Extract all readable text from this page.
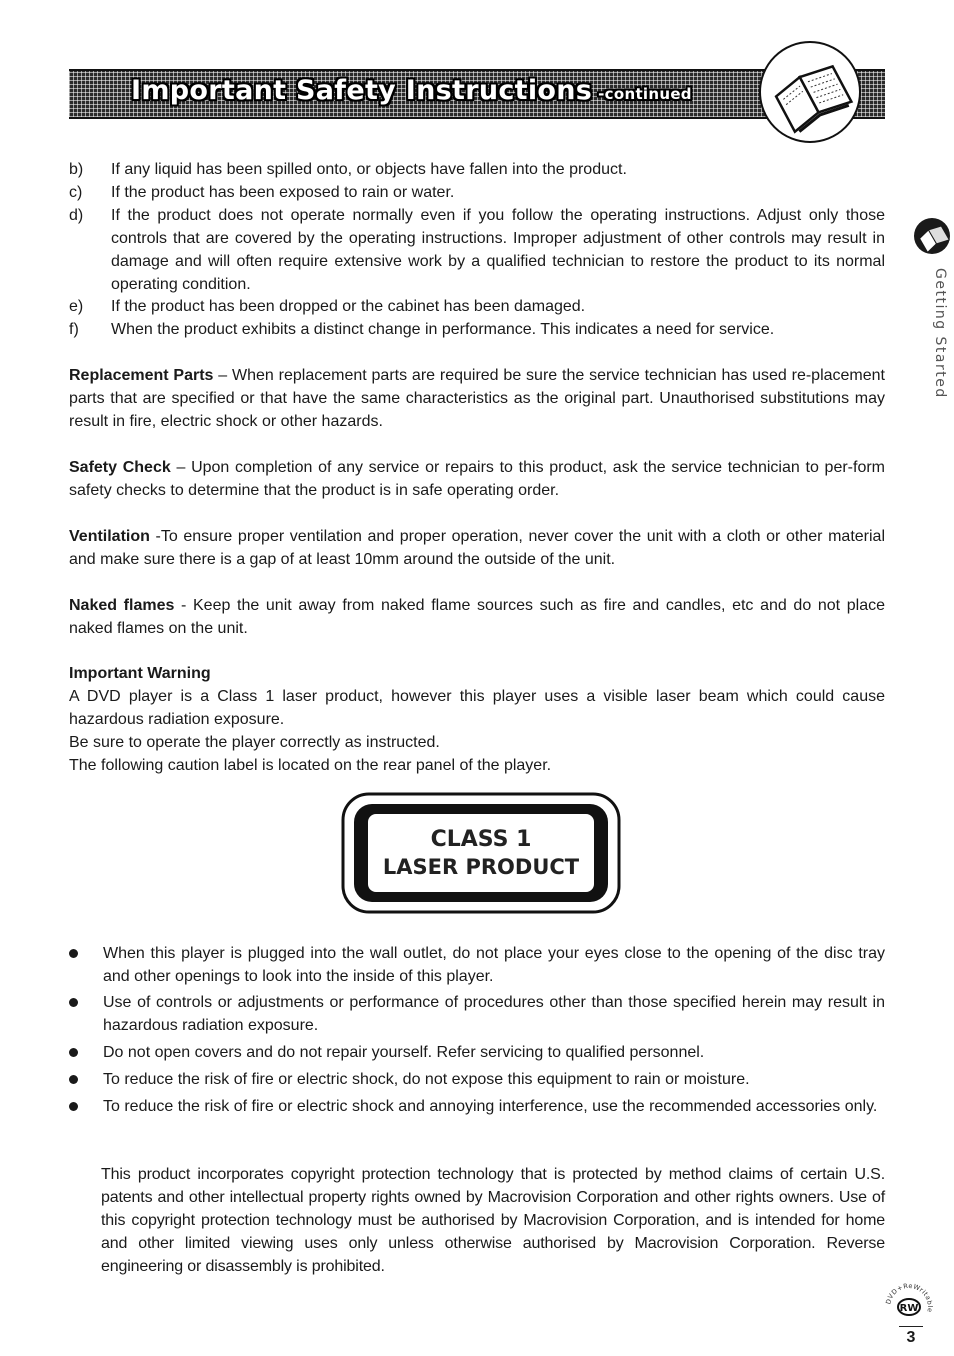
Important Safety Instructions -continued
Getting Started
b) If any liquid has been spilled onto, or objects have fallen into the product.
c) If the product has been exposed to rain or water.
d) If the product does not operate normally even if you follow the operating instructions. Adjust only those controls that are covered by the operating instructions. Improper adjustment of other controls may result in damage and will often require extensive work by a qualified technician to restore the product to its normal operating condition.
e) If the product has been dropped or the cabinet has been damaged.
f) When the product exhibits a distinct change in performance. This indicates a need for service.
Replacement Parts – When replacement parts are required be sure the service technician has used re-placement parts that are specified or that have the same characteristics as the original part. Unauthorised substitutions may result in fire, electric shock or other hazards.
Safety Check – Upon completion of any service or repairs to this product, ask the service technician to per-form safety checks to determine that the product is in safe operating order.
Ventilation -To ensure proper ventilation and proper operation, never cover the unit with a cloth or other material and make sure there is a gap of at least 10mm around the outside of the unit.
Naked flames - Keep the unit away from naked flame sources such as fire and candles, etc and do not place naked flames on the unit.
Important Warning
A DVD player is a Class 1 laser product, however this player uses a visible laser beam which could cause hazardous radiation exposure.
Be sure to operate the player correctly as instructed.
The following caution label is located on the rear panel of the player.
CLASS 1
LASER PRODUCT
When this player is plugged into the wall outlet, do not place your eyes close to the opening of the disc tray and other openings to look into the inside of this player.
Use of controls or adjustments or performance of procedures other than those specified herein may result in hazardous radiation exposure.
Do not open covers and do not repair yourself. Refer servicing to qualified personnel.
To reduce the risk of fire or electric shock, do not expose this equipment to rain or moisture.
To reduce the risk of fire or electric shock and annoying interference, use the recommended accessories only.
This product incorporates copyright protection technology that is protected by method claims of certain U.S. patents and other intellectual property rights owned by Macrovision Corporation and other rights owners. Use of this copyright protection technology must be authorised by Macrovision Corporation, and is intended for home and other limited viewing uses only unless otherwise authorised by Macrovision Corporation. Reverse engineering or disassembly is prohibited.
DVD+ReWritable
RW
3
